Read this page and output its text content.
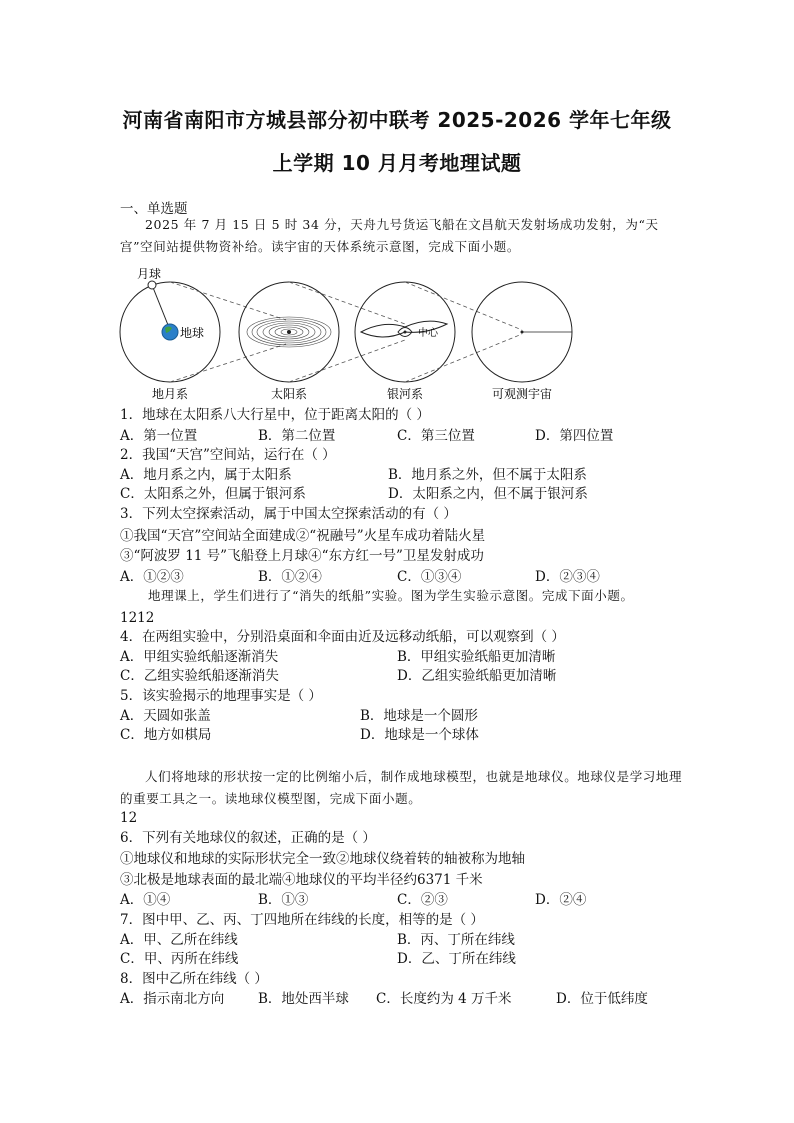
河南省南阳市方城县部分初中联考 2025-2026 学年七年级
上学期 10 月月考地理试题
一、单选题
2025 年 7 月 15 日 5 时 34 分，天舟九号货运飞船在文昌航天发射场成功发射，为“天宫”空间站提供物资补给。读宇宙的天体系统示意图，完成下面小题。
月球
地球	中心
地月系	太阳系	银河系	可观测宇宙
1．地球在太阳系八大行星中，位于距离太阳的（ ）
A．第一位置	B．第二位置	C．第三位置	D．第四位置
2．我国“天宫”空间站，运行在（ ）
A．地月系之内，属于太阳系	B．地月系之外，但不属于太阳系
C．太阳系之外，但属于银河系	D．太阳系之内，但不属于银河系
3．下列太空探索活动，属于中国太空探索活动的有（ ）
①我国“天宫”空间站全面建成②“祝融号”火星车成功着陆火星
③“阿波罗 11 号”飞船登上月球④“东方红一号”卫星发射成功
A．①②③	B．①②④	C．①③④	D．②③④
地理课上，学生们进行了“消失的纸船”实验。图为学生实验示意图。完成下面小题。
1212
4．在两组实验中，分别沿桌面和伞面由近及远移动纸船，可以观察到（ ）
A．甲组实验纸船逐渐消失	B．甲组实验纸船更加清晰
C．乙组实验纸船逐渐消失	D．乙组实验纸船更加清晰
5．该实验揭示的地理事实是（ ）
A．天圆如张盖	B．地球是一个圆形
C．地方如棋局	D．地球是一个球体
人们将地球的形状按一定的比例缩小后，制作成地球模型，也就是地球仪。地球仪是学习地理的重要工具之一。读地球仪模型图，完成下面小题。
12
6．下列有关地球仪的叙述，正确的是（ ）
①地球仪和地球的实际形状完全一致②地球仪绕着转的轴被称为地轴
③北极是地球表面的最北端④地球仪的平均半径约6371 千米
A．①④	B．①③	C．②③	D．②④
7．图中甲、乙、丙、丁四地所在纬线的长度，相等的是（ ）
A．甲、乙所在纬线	B．丙、丁所在纬线
C．甲、丙所在纬线	D．乙、丁所在纬线
8．图中乙所在纬线（ ）
A．指示南北方向	B．地处西半球 C．长度约为 4 万千米	D．位于低纬度
